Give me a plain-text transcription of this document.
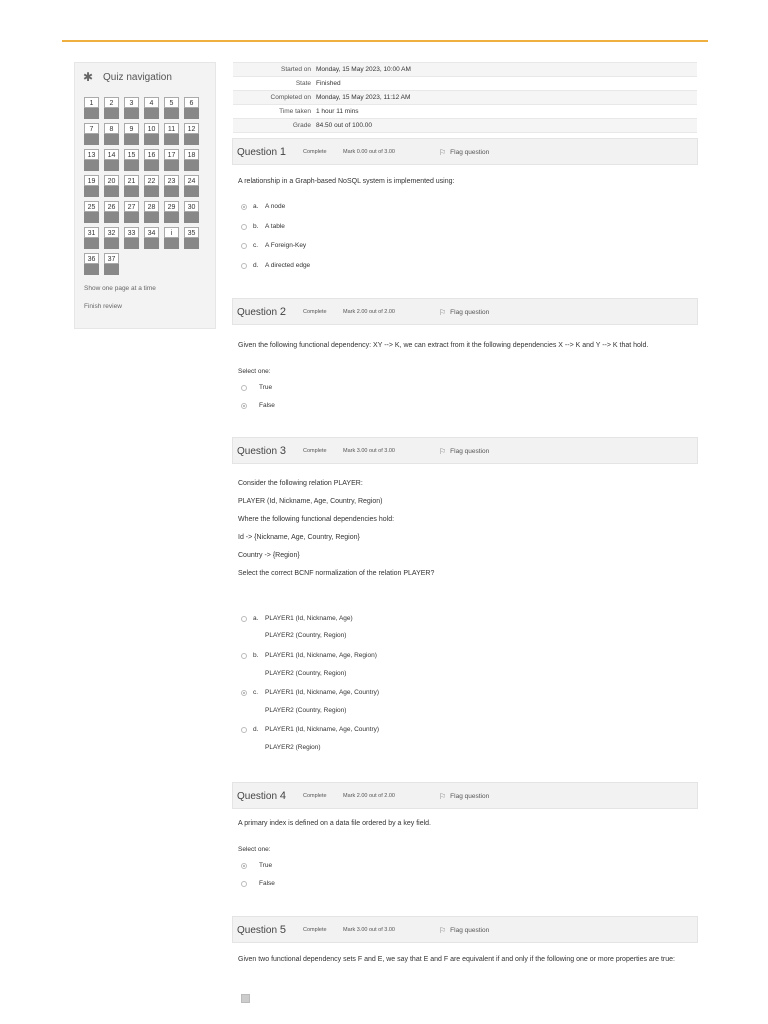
✱ Quiz navigation
1	2	3	4	5	6
7	8	9	10	11	12
13	14	15	16	17	18
19	20	21	22	23	24
25	26	27	28	29	30
31	32	33	34	i	35
36	37
Show one page at a time
Finish review
Started on Monday, 15 May 2023, 10:00 AM
State Finished
Completed on Monday, 15 May 2023, 11:12 AM
Time taken 1 hour 11 mins
Grade 84.50 out of 100.00
Question 1	Complete	Mark 0.00 out of 3.00	⚐ Flag question
A relationship in a Graph-based NoSQL system is implemented using:
a.	A node
b.	A table
c.	A Foreign-Key
d.	A directed edge
Question 2	Complete	Mark 2.00 out of 2.00	⚐ Flag question
Given the following functional dependency: XY --> K, we can extract from it the following dependencies X --> K and Y --> K that hold.
Select one:
True
False
Question 3	Complete	Mark 3.00 out of 3.00	⚐ Flag question
Consider the following relation PLAYER:
PLAYER (Id, Nickname, Age, Country, Region)
Where the following functional dependencies hold:
Id -> {Nickname, Age, Country, Region}
Country -> {Region}
Select the correct BCNF normalization of the relation PLAYER?
a.	PLAYER1 (Id, Nickname, Age)
PLAYER2 (Country, Region)
b.	PLAYER1 (Id, Nickname, Age, Region)
PLAYER2 (Country, Region)
c.	PLAYER1 (Id, Nickname, Age, Country)
PLAYER2 (Country, Region)
d.	PLAYER1 (Id, Nickname, Age, Country)
PLAYER2 (Region)
Question 4	Complete	Mark 2.00 out of 2.00	⚐ Flag question
A primary index is defined on a data file ordered by a key field.
Select one:
True
False
Question 5	Complete	Mark 3.00 out of 3.00	⚐ Flag question
Given two functional dependency sets F and E, we say that E and F are equivalent if and only if the following one or more properties are true:
